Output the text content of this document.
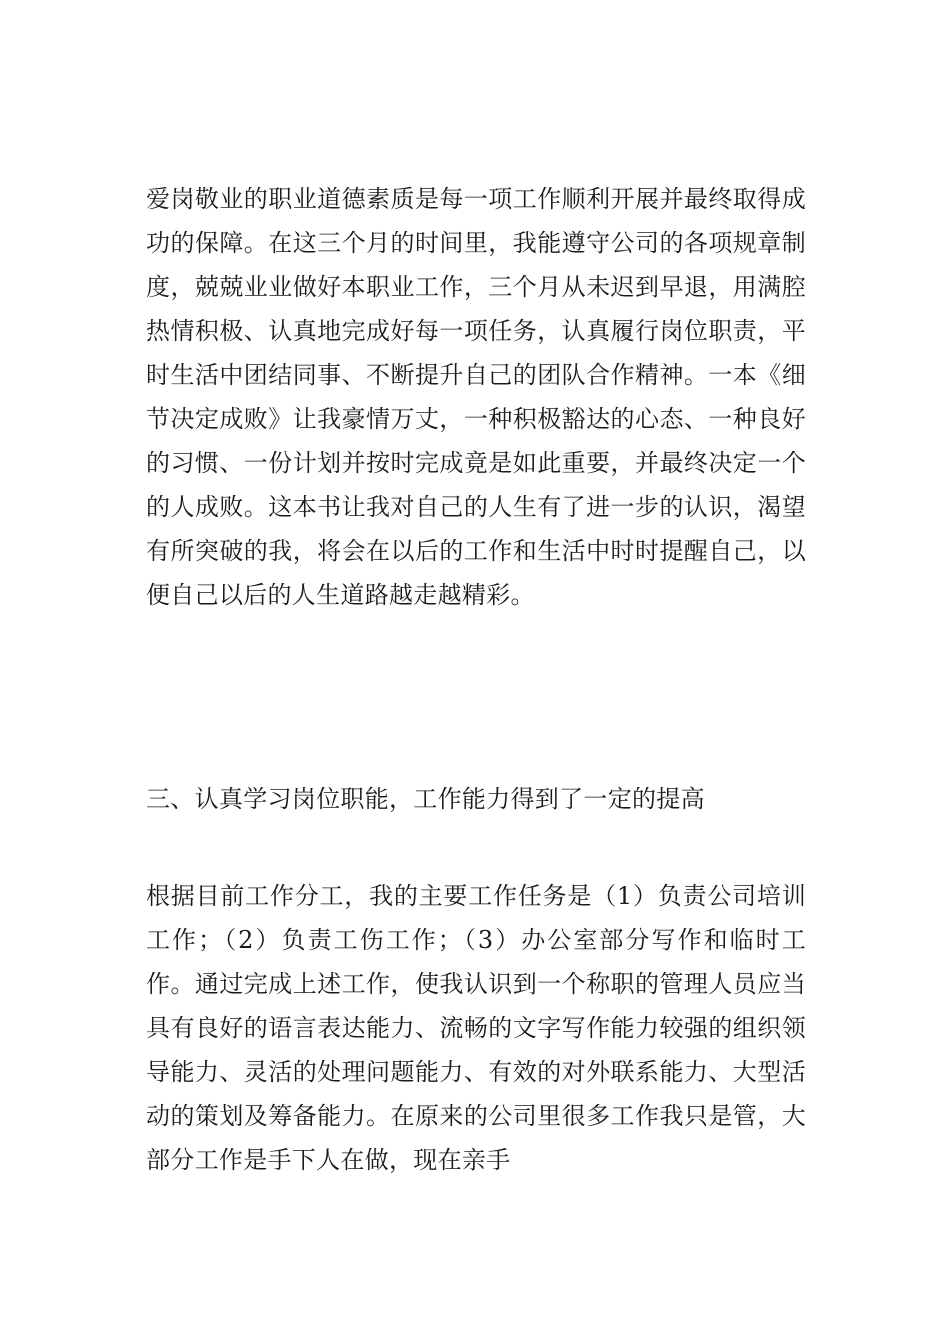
爱岗敬业的职业道德素质是每一项工作顺利开展并最终取得成功的保障。在这三个月的时间里，我能遵守公司的各项规章制度，兢兢业业做好本职业工作，三个月从未迟到早退，用满腔热情积极、认真地完成好每一项任务，认真履行岗位职责，平时生活中团结同事、不断提升自己的团队合作精神。一本《细节决定成败》让我豪情万丈，一种积极豁达的心态、一种良好的习惯、一份计划并按时完成竟是如此重要，并最终决定一个的人成败。这本书让我对自己的人生有了进一步的认识，渴望有所突破的我，将会在以后的工作和生活中时时提醒自己，以便自己以后的人生道路越走越精彩。

三、认真学习岗位职能，工作能力得到了一定的提高

根据目前工作分工，我的主要工作任务是（1）负责公司培训工作；（2）负责工伤工作；（3）办公室部分写作和临时工作。通过完成上述工作，使我认识到一个称职的管理人员应当具有良好的语言表达能力、流畅的文字写作能力较强的组织领导能力、灵活的处理问题能力、有效的对外联系能力、大型活动的策划及筹备能力。在原来的公司里很多工作我只是管，大部分工作是手下人在做，现在亲手
